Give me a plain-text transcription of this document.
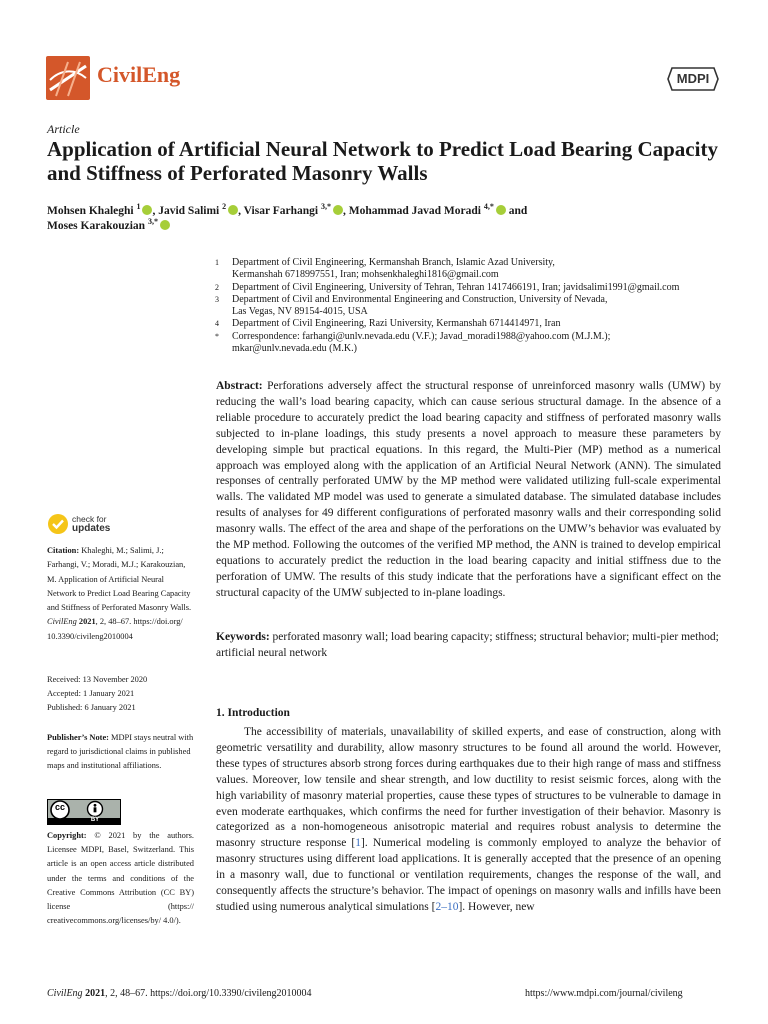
CivilEng	MDPI
Article
Application of Artificial Neural Network to Predict Load Bearing Capacity and Stiffness of Perforated Masonry Walls
Mohsen Khaleghi $^1$ , Javid Salimi $^2$ , Visar Farhangi $^{3,*}$ , Mohammad Javad Moradi $^{4,*}$ and
Moses Karakouzian $^{3,*}$
1	Department of Civil Engineering, Kermanshah Branch, Islamic Azad University,
Kermanshah 6718997551, Iran; mohsenkhaleghi1816@gmail.com
2	Department of Civil Engineering, University of Tehran, Tehran 1417466191, Iran; javidsalimi1991@gmail.com
3	Department of Civil and Environmental Engineering and Construction, University of Nevada,
Las Vegas, NV 89154-4015, USA
4	Department of Civil Engineering, Razi University, Kermanshah 6714414971, Iran
*	Correspondence: farhangi@unlv.nevada.edu (V.F.); Javad_moradi1988@yahoo.com (M.J.M.);
mkar@unlv.nevada.edu (M.K.)
Abstract: Perforations adversely affect the structural response of unreinforced masonry walls (UMW) by reducing the wall’s load bearing capacity, which can cause serious structural damage. In the absence of a reliable procedure to accurately predict the load bearing capacity and stiffness of perforated masonry walls subjected to in-plane loadings, this study presents a novel approach to measure these parameters by developing simple but practical equations. In this regard, the Multi-Pier (MP) method as a numerical approach was employed along with the application of an Artificial Neural Network (ANN). The simulated responses of centrally perforated UMW by the MP method were validated utilizing full-scale experimental walls. The validated MP model was used to generate a simulated database. The simulated database includes results of analyses for 49 different configurations of perforated masonry walls and their corresponding solid masonry walls. The effect of the area and shape of the perforations on the UMW’s behavior was evaluated by the MP method. Following the outcomes of the verified MP method, the ANN is trained to develop empirical equations to accurately predict the reduction in the load bearing capacity and initial stiffness due to the perforation of UMW. The results of this study indicate that the perforations have a significant effect on the structural capacity of the UMW subjected to in-plane loadings.
Keywords: perforated masonry wall; load bearing capacity; stiffness; structural behavior; multi-pier method; artificial neural network
check for
updates
Citation: Khaleghi, M.; Salimi, J.; Farhangi, V.; Moradi, M.J.; Karakouzian, M. Application of Artificial Neural Network to Predict Load Bearing Capacity and Stiffness of Perforated Masonry Walls. CivilEng 2021, 2, 48–67. https://doi.org/ 10.3390/civileng2010004
Received: 13 November 2020
Accepted: 1 January 2021
Published: 6 January 2021
Publisher’s Note: MDPI stays neutral with regard to jurisdictional claims in published maps and institutional affiliations.
cc
BY
Copyright: © 2021 by the authors. Licensee MDPI, Basel, Switzerland. This article is an open access article distributed under the terms and conditions of the Creative Commons Attribution (CC BY) license (https:// creativecommons.org/licenses/by/ 4.0/).
1. Introduction
The accessibility of materials, unavailability of skilled experts, and ease of construction, along with geometric versatility and durability, allow masonry structures to be found all around the world. However, these types of structures absorb strong forces during earthquakes due to their high range of mass and stiffness values. Moreover, low tensile and shear strength, and low ductility to resist seismic forces, along with the high variability of masonry material properties, cause these types of structures to be vulnerable to damage in even moderate earthquakes, which confirms the need for further investigation of their behavior. Masonry is categorized as a non-homogeneous anisotropic material and requires robust analysis to determine the masonry structure response [1]. Numerical modeling is commonly employed to analyze the behavior of masonry structures using different load applications. It is generally accepted that the presence of an opening in a masonry wall, due to functional or ventilation requirements, changes the response of the wall, and consequently affects the structure’s behavior. The impact of openings on masonry walls and infills have been studied using numerous analytical simulations [2–10]. However, new
CivilEng 2021, 2, 48–67. https://doi.org/10.3390/civileng2010004	https://www.mdpi.com/journal/civileng
